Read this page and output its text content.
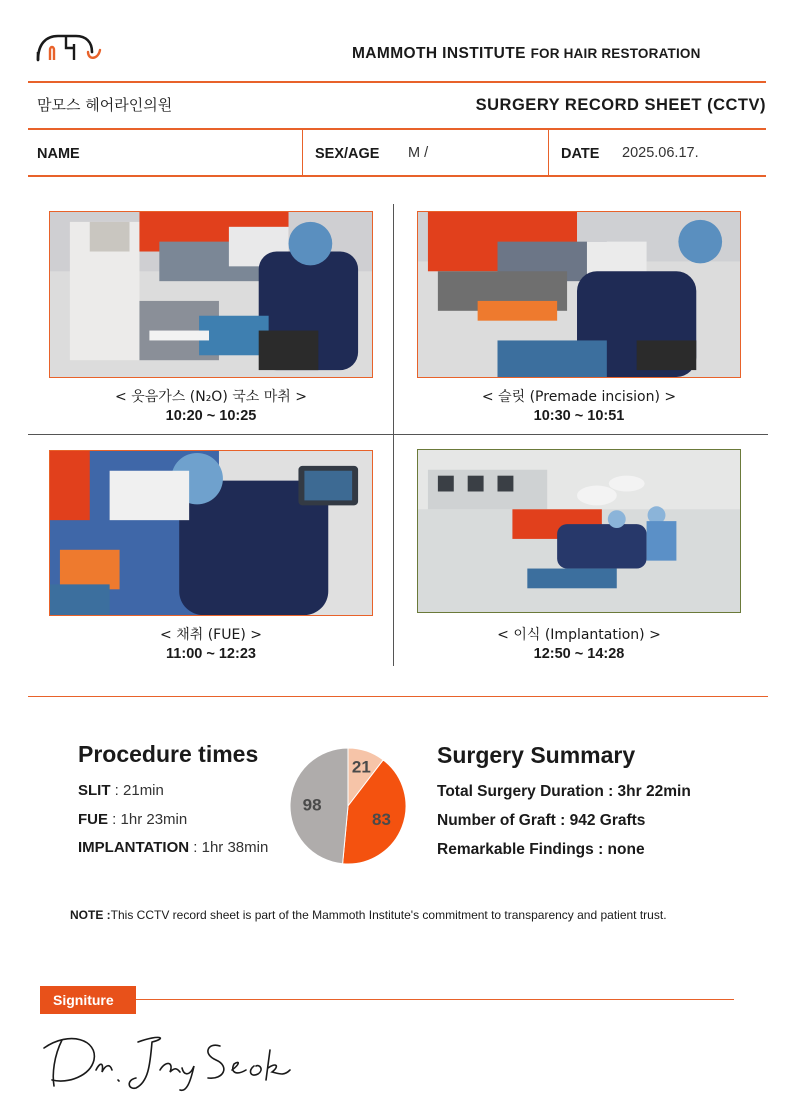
MAMMOTH INSTITUTE FOR HAIR RESTORATION
맘모스 헤어라인의원	SURGERY RECORD SHEET (CCTV)
NAME	SEX/AGE M /	DATE 2025.06.17.
< 웃음가스 (N₂O) 국소 마취 >
10:20 ~ 10:25
< 슬릿 (Premade incision) >
10:30 ~ 10:51
< 채취 (FUE) >
11:00 ~ 12:23
< 이식 (Implantation) >
12:50 ~ 14:28
Procedure times
SLIT : 21min
FUE : 1hr 23min
IMPLANTATION : 1hr 38min
21
83
98
Surgery Summary
Total Surgery Duration : 3hr 22min
Number of Graft : 942 Grafts
Remarkable Findings : none
NOTE :This CCTV record sheet is part of the Mammoth Institute's commitment to transparency and patient trust.
Signiture
